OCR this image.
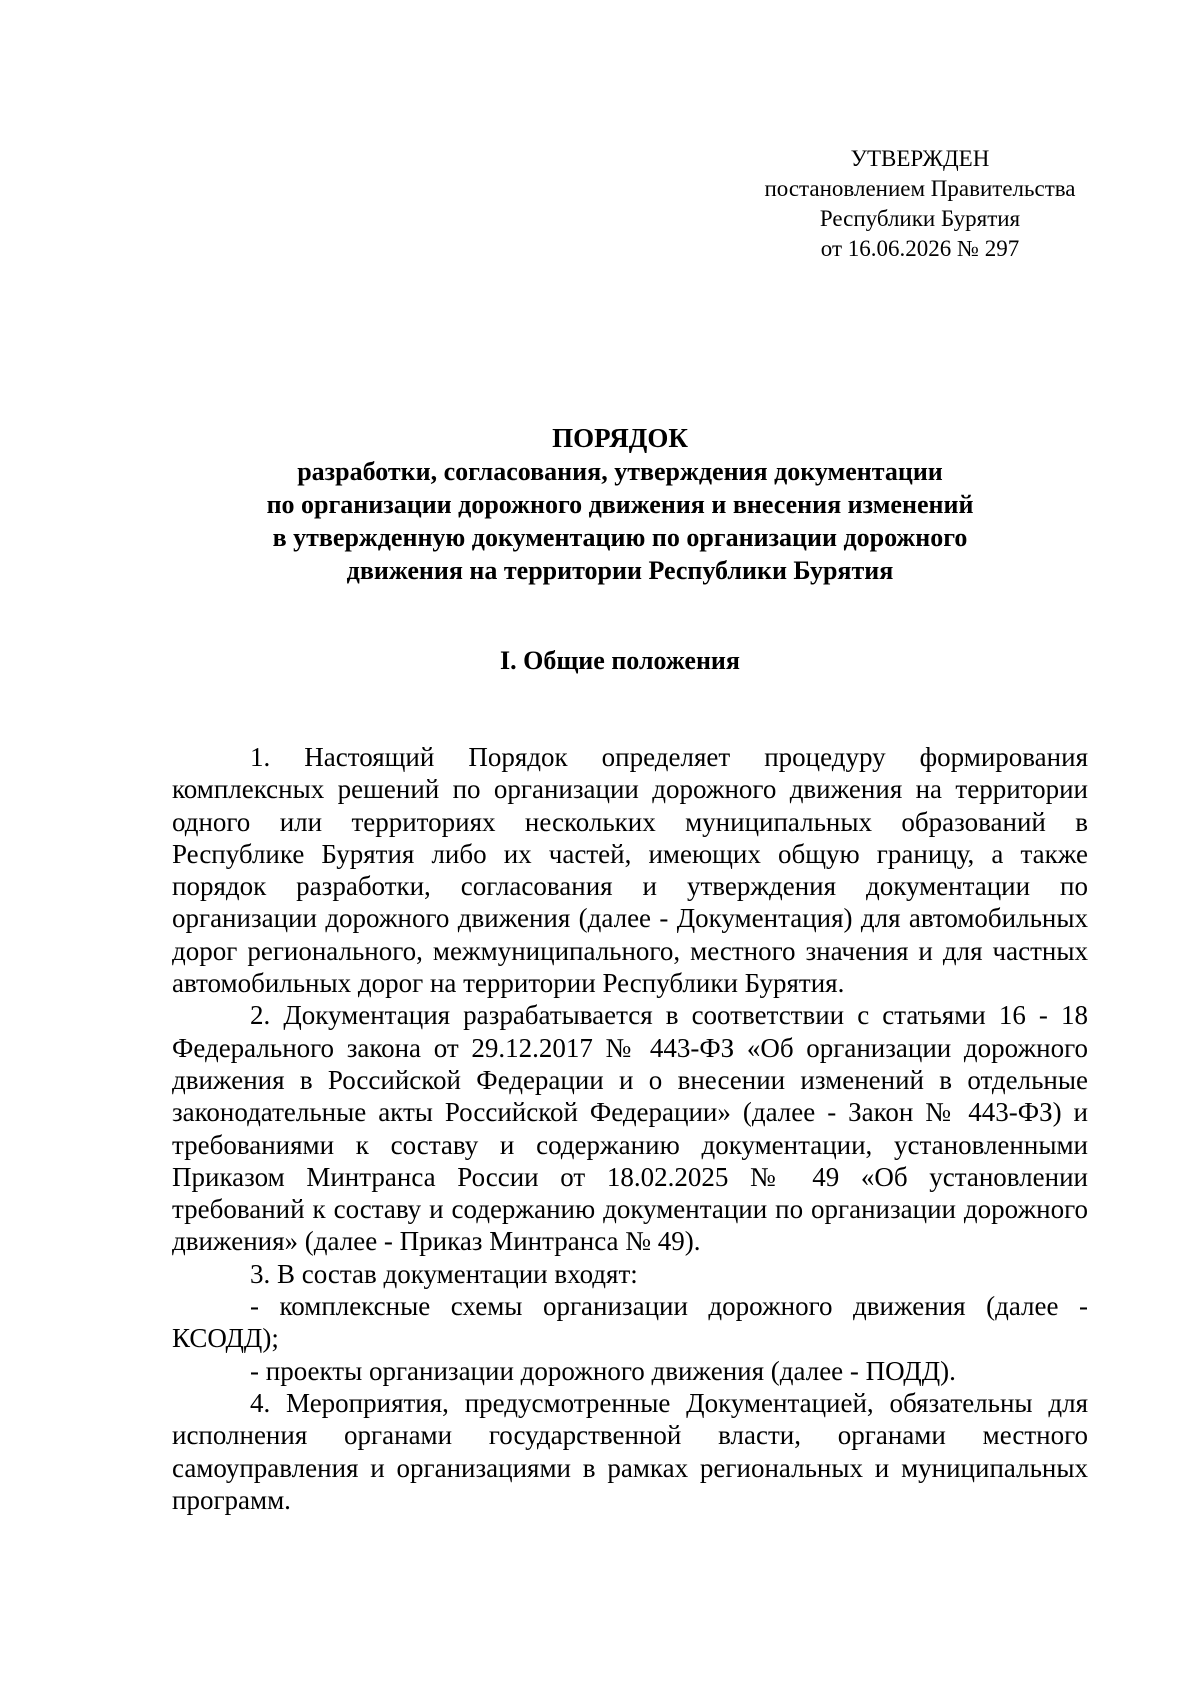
УТВЕРЖДЕН
постановлением Правительства
Республики Бурятия
от 16.06.2026 № 297
ПОРЯДОК
разработки, согласования, утверждения документации
по организации дорожного движения и внесения изменений
в утвержденную документацию по организации дорожного
движения на территории Республики Бурятия
I. Общие положения

1. Настоящий Порядок определяет процедуру формирования комплексных решений по организации дорожного движения на территории одного или территориях нескольких муниципальных образований в Республике Бурятия либо их частей, имеющих общую границу, а также порядок разработки, согласования и утверждения документации по организации дорожного движения (далее - Документация) для автомобильных дорог регионального, межмуниципального, местного значения и для частных автомобильных дорог на территории Республики Бурятия.

2. Документация разрабатывается в соответствии с статьями 16 - 18 Федерального закона от 29.12.2017 № 443-ФЗ «Об организации дорожного движения в Российской Федерации и о внесении изменений в отдельные законодательные акты Российской Федерации» (далее - Закон № 443-ФЗ) и требованиями к составу и содержанию документации, установленными Приказом Минтранса России от 18.02.2025 № 49 «Об установлении требований к составу и содержанию документации по организации дорожного движения» (далее - Приказ Минтранса № 49).

3. В состав документации входят:

- комплексные схемы организации дорожного движения (далее - КСОДД);

- проекты организации дорожного движения (далее - ПОДД).

4. Мероприятия, предусмотренные Документацией, обязательны для исполнения органами государственной власти, органами местного самоуправления и организациями в рамках региональных и муниципальных программ.
